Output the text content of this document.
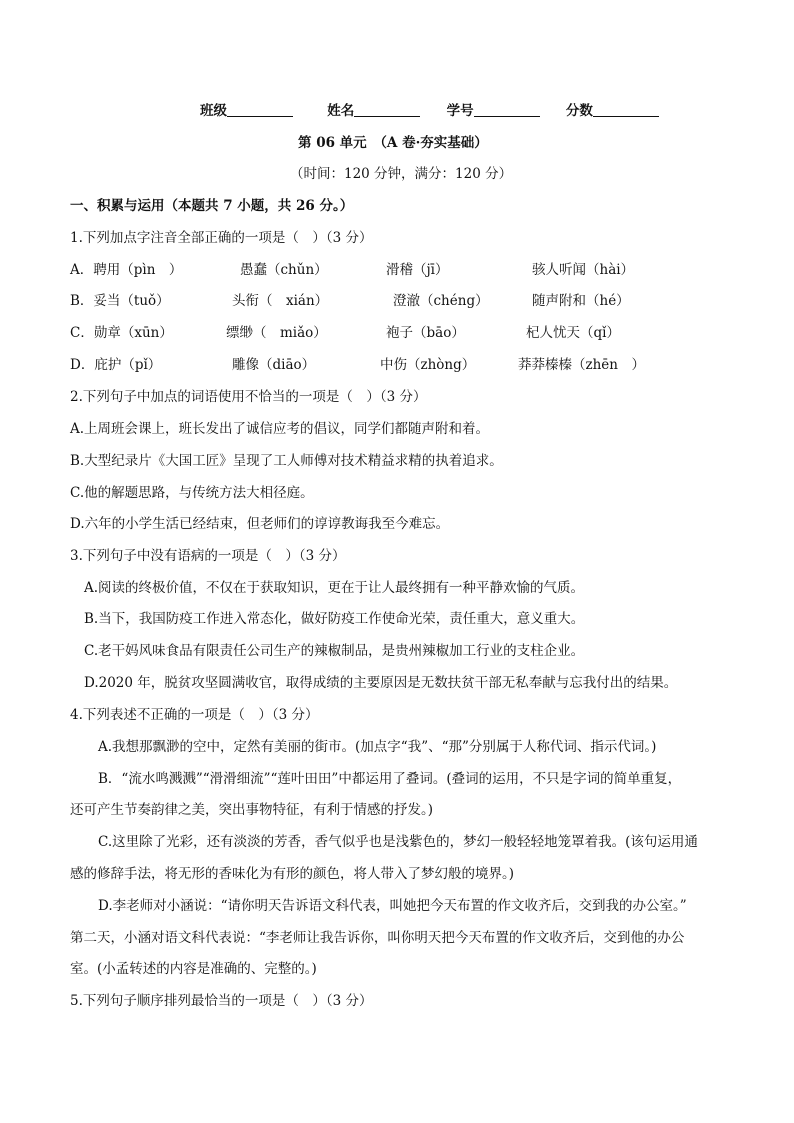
班级	姓名	学号	分数
第 06 单元　（A 卷·夯实基础）
（时间：120 分钟，满分：120 分）
一、积累与运用（本题共 7 小题，共 26 分。）
1.下列加点字注音全部正确的一项是（　）（3 分）
A．聘用（pìn　）	愚蠢（chǔn）	滑稽（jī）	骇人听闻（hài）
B．妥当（tuǒ）	头衔（　xián）	澄澈（chéng）	随声附和（hé）
C．勋章（xūn）	缥缈（　miǎo）	袍子（bāo）	杞人忧天（qǐ）
D．庇护（pǐ）	雕像（diāo）	中伤（zhòng）	莽莽榛榛（zhēn　）
2.下列句子中加点的词语使用不恰当的一项是（　）（3 分）
A.上周班会课上，班长发出了诚信应考的倡议，同学们都随声附和着。
B.大型纪录片《大国工匠》呈现了工人师傅对技术精益求精的执着追求。
C.他的解题思路，与传统方法大相径庭。
D.六年的小学生活已经结束，但老师们的谆谆教诲我至今难忘。
3.下列句子中没有语病的一项是（　）（3 分）
A.阅读的终极价值，不仅在于获取知识，更在于让人最终拥有一种平静欢愉的气质。
B.当下，我国防疫工作进入常态化，做好防疫工作使命光荣，责任重大，意义重大。
C.老干妈风味食品有限责任公司生产的辣椒制品，是贵州辣椒加工行业的支柱企业。
D.2020 年，脱贫攻坚圆满收官，取得成绩的主要原因是无数扶贫干部无私奉献与忘我付出的结果。
4.下列表述不正确的一项是（　）（3 分）
A.我想那飘渺的空中，定然有美丽的街市。(加点字“我”、“那”分别属于人称代词、指示代词。)
B．“流水鸣溅溅”“滑滑细流”“莲叶田田”中都运用了叠词。(叠词的运用，不只是字词的简单重复，
还可产生节奏韵律之美，突出事物特征，有利于情感的抒发。)
C.这里除了光彩，还有淡淡的芳香，香气似乎也是浅紫色的，梦幻一般轻轻地笼罩着我。(该句运用通
感的修辞手法，将无形的香味化为有形的颜色，将人带入了梦幻般的境界。)
D.李老师对小涵说：“请你明天告诉语文科代表，叫她把今天布置的作文收齐后，交到我的办公室。”
第二天，小涵对语文科代表说：“李老师让我告诉你，叫你明天把今天布置的作文收齐后，交到他的办公
室。(小孟转述的内容是准确的、完整的。)
5.下列句子顺序排列最恰当的一项是（　）（3 分）
